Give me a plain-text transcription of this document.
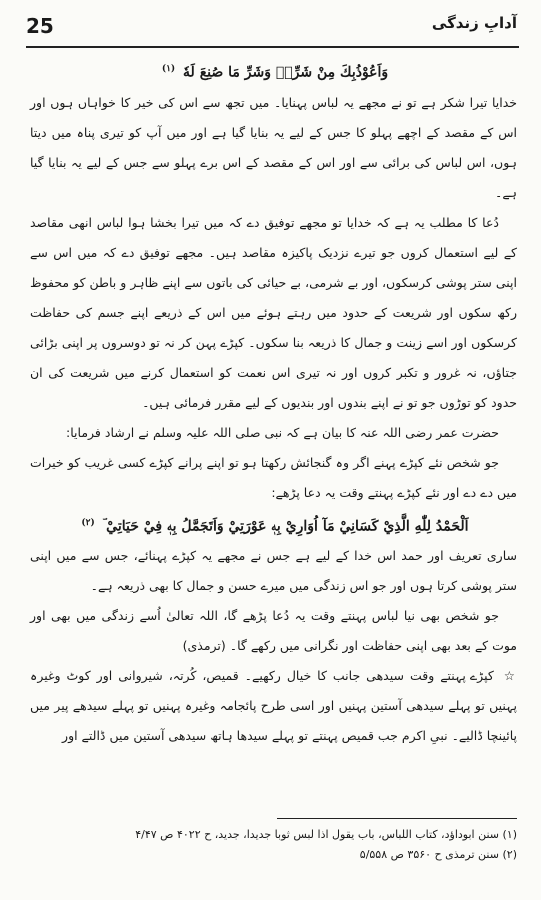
25	آدابِ زندگی

وَاَعُوْذُبِكَ مِنْ شَرِّهٖ وَشَرِّ مَا صُنِعَ لَهٗ $^{(۱)}$

خدایا تیرا شکر ہے تو نے مجھے یہ لباس پہنایا۔ میں تجھ سے اس کی خیر کا خواہاں ہوں اور اس کے مقصد کے اچھے پہلو کا جس کے لیے یہ بنایا گیا ہے اور میں آپ کو تیری پناہ میں دیتا ہوں، اس لباس کی برائی سے اور اس کے مقصد کے اس برے پہلو سے جس کے لیے یہ بنایا گیا ہے۔

دُعا کا مطلب یہ ہے کہ خدایا تو مجھے توفیق دے کہ میں تیرا بخشا ہوا لباس انھی مقاصد کے لیے استعمال کروں جو تیرے نزدیک پاکیزہ مقاصد ہیں۔ مجھے توفیق دے کہ میں اس سے اپنی ستر پوشی کرسکوں، اور بے شرمی، بے حیائی کی باتوں سے اپنے ظاہر و باطن کو محفوظ رکھ سکوں اور شریعت کے حدود میں رہتے ہوئے میں اس کے ذریعے اپنے جسم کی حفاظت کرسکوں اور اسے زینت و جمال کا ذریعہ بنا سکوں۔ کپڑے پہن کر نہ تو دوسروں پر اپنی بڑائی جتاؤں، نہ غرور و تکبر کروں اور نہ تیری اس نعمت کو استعمال کرنے میں شریعت کی ان حدود کو توڑوں جو تو نے اپنے بندوں اور بندیوں کے لیے مقرر فرمائی ہیں۔

حضرت عمر رضی اللہ عنہ کا بیان ہے کہ نبی صلی اللہ علیہ وسلم نے ارشاد فرمایا:

جو شخص نئے کپڑے پہنے اگر وہ گنجائش رکھتا ہو تو اپنے پرانے کپڑے کسی غریب کو خیرات میں دے دے اور نئے کپڑے پہنتے وقت یہ دعا پڑھے:

اَلْحَمْدُ لِلّٰهِ الَّذِيْ كَسَانِيْ مَآ اُوَارِيْ بِهٖ عَوْرَتِيْ وَاَتَجَمَّلُ بِهٖ فِيْ حَيَاتِيْ ؔ $^{(۲)}$

ساری تعریف اور حمد اس خدا کے لیے ہے جس نے مجھے یہ کپڑے پہنائے، جس سے میں اپنی ستر پوشی کرتا ہوں اور جو اس زندگی میں میرے حسن و جمال کا بھی ذریعہ ہے۔

جو شخص بھی نیا لباس پہنتے وقت یہ دُعا پڑھے گا، اللہ تعالیٰ اُسے زندگی میں بھی اور موت کے بعد بھی اپنی حفاظت اور نگرانی میں رکھے گا۔ (ترمذی)

☆ کپڑے پہنتے وقت سیدھی جانب کا خیال رکھیے۔ قمیص، کُرتہ، شیروانی اور کوٹ وغیرہ پہنیں تو پہلے سیدھی آستین پہنیں اور اسی طرح پائجامہ وغیرہ پہنیں تو پہلے سیدھے پیر میں پائینچا ڈالیے۔ نبیِ اکرم جب قمیص پہنتے تو پہلے سیدھا ہاتھ سیدھی آستین میں ڈالتے اور

(۱) سنن ابوداؤد، کتاب اللباس، باب یقول اذا لبس ثوبا جدیدا، جدید، ح ۴۰۲۲ ص ۴/۴۷
(۲) سنن ترمذی ح ۳۵۶۰ ص ۵/۵۵۸
